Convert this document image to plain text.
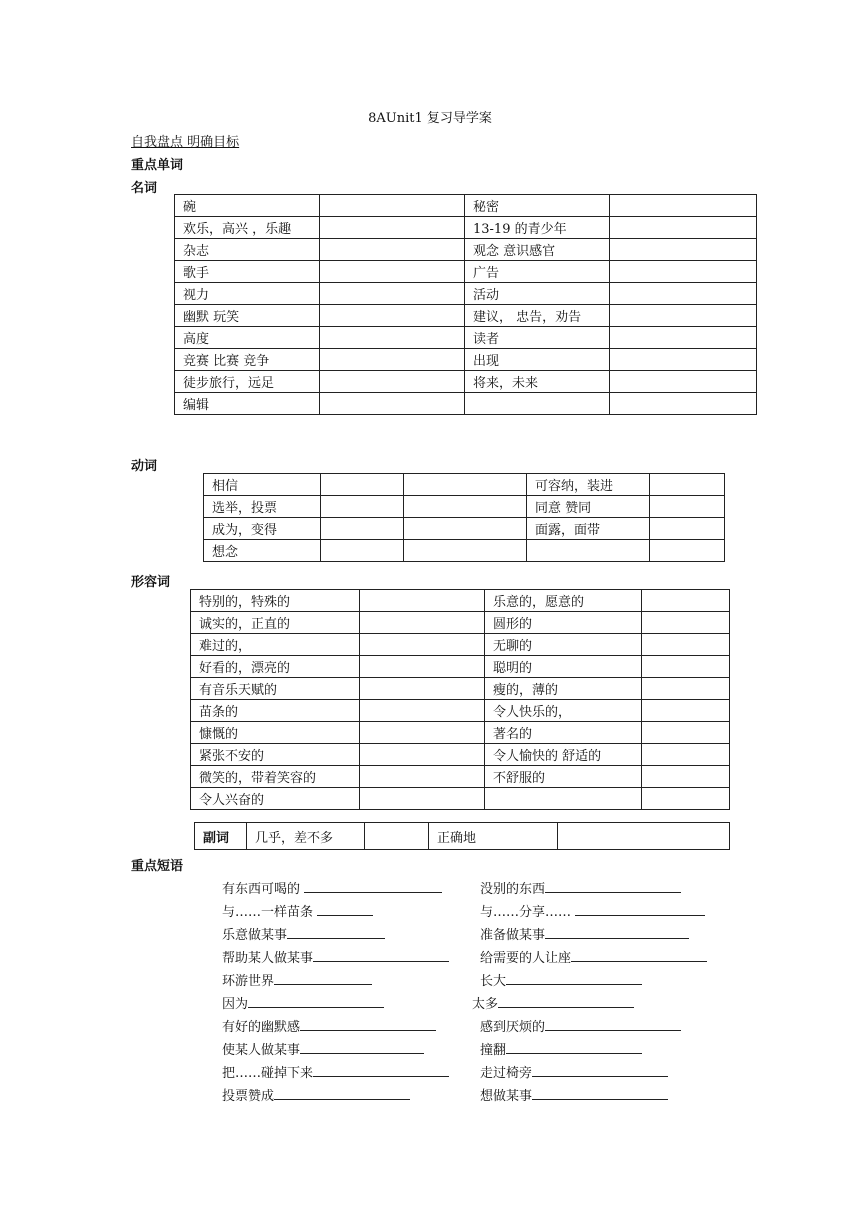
8AUnit1 复习导学案
自我盘点 明确目标
重点单词
名词
碗		秘密	
欢乐，高兴 ，乐趣		13-19 的青少年	
杂志		观念 意识感官	
歌手		广告	
视力		活动	
幽默 玩笑		建议， 忠告，劝告	
高度		读者	
竞赛 比赛 竞争		出现	
徒步旅行，远足		将来，未来	
编辑			
动词
相信			可容纳，装进	
选举，投票			同意 赞同	
成为，变得			面露，面带	
想念				
形容词
特别的，特殊的		乐意的，愿意的	
诚实的，正直的		圆形的	
难过的，		无聊的	
好看的，漂亮的		聪明的	
有音乐天赋的		瘦的，薄的	
苗条的		令人快乐的，	
慷慨的		著名的	
紧张不安的		令人愉快的 舒适的	
微笑的，带着笑容的		不舒服的	
令人兴奋的			
副词	几乎，差不多		正确地	
重点短语
有东西可喝的	没别的东西
与……一样苗条	与……分享……
乐意做某事	准备做某事
帮助某人做某事	给需要的人让座
环游世界	长大
因为	太多
有好的幽默感	感到厌烦的
使某人做某事	撞翻
把……碰掉下来	走过椅旁
投票赞成	想做某事
